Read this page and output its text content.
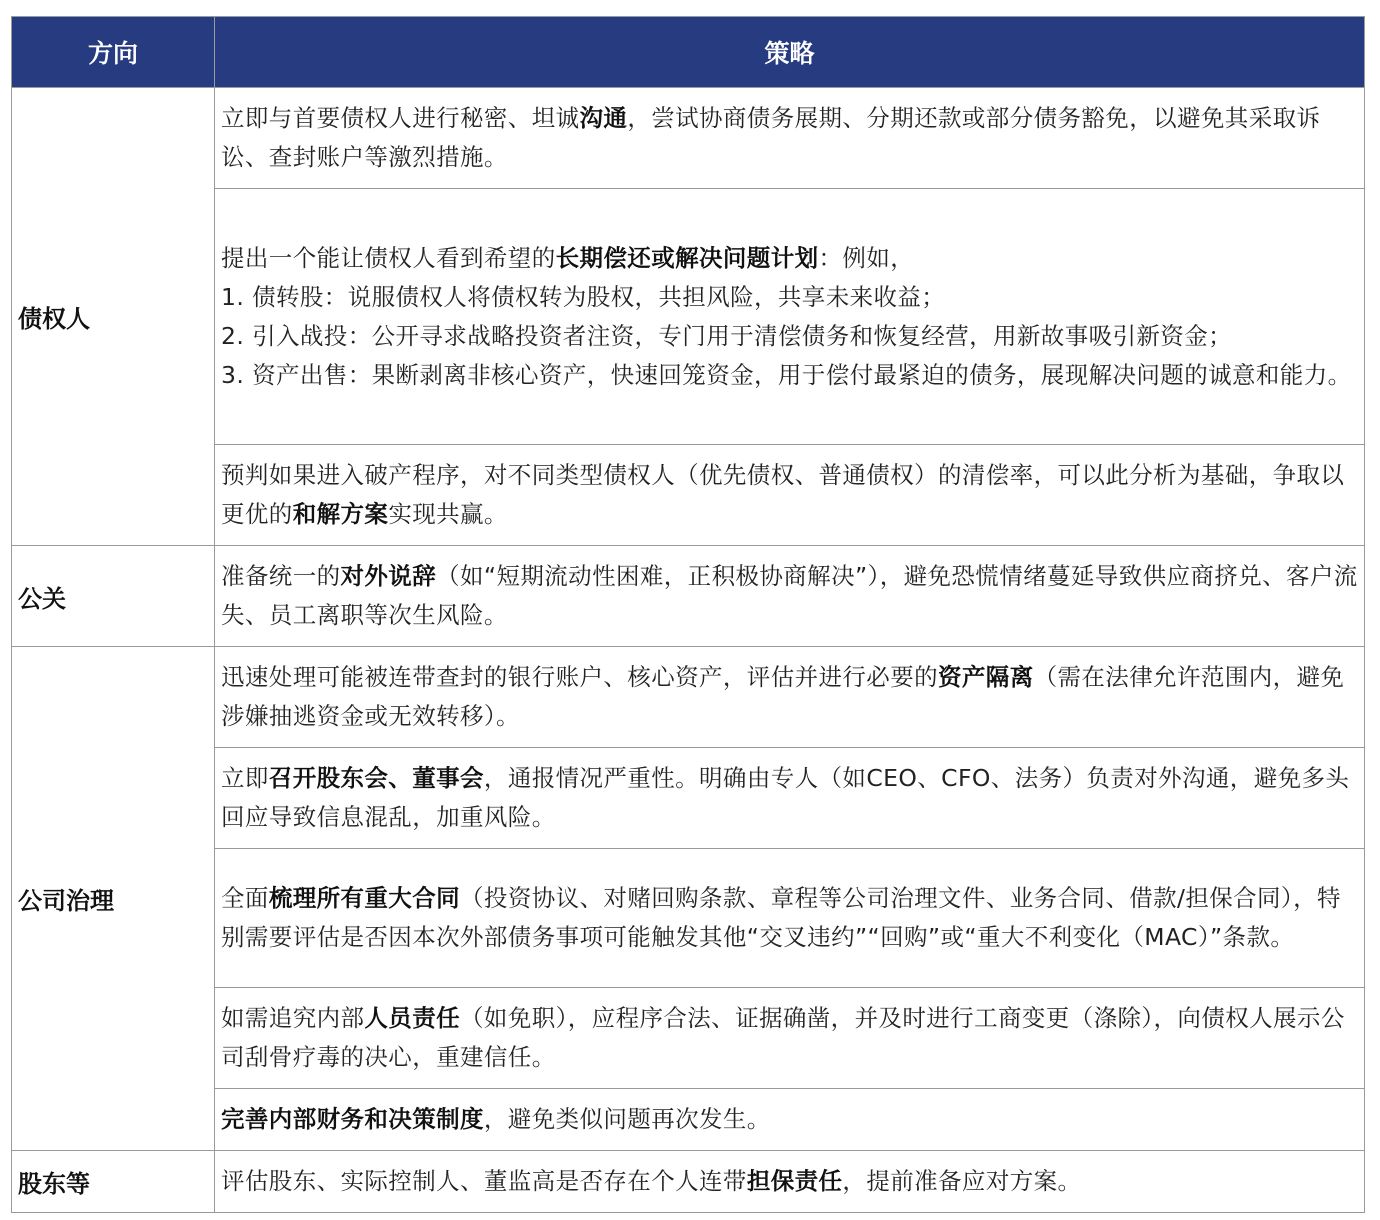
方向	策略
债权人	立即与首要债权人进行秘密、坦诚沟通，尝试协商债务展期、分期还款或部分债务豁免，以避免其采取诉讼、查封账户等激烈措施。

	提出一个能让债权人看到希望的长期偿还或解决问题计划：例如，
1. 债转股：说服债权人将债权转为股权，共担风险，共享未来收益；
2. 引入战投：公开寻求战略投资者注资，专门用于清偿债务和恢复经营，用新故事吸引新资金；
3. 资产出售：果断剥离非核心资产，快速回笼资金，用于偿付最紧迫的债务，展现解决问题的诚意和能力。

	预判如果进入破产程序，对不同类型债权人（优先债权、普通债权）的清偿率，可以此分析为基础，争取以更优的和解方案实现共赢。
公关	准备统一的对外说辞（如“短期流动性困难，正积极协商解决”），避免恐慌情绪蔓延导致供应商挤兑、客户流失、员工离职等次生风险。
公司治理	迅速处理可能被连带查封的银行账户、核心资产，评估并进行必要的资产隔离（需在法律允许范围内，避免涉嫌抽逃资金或无效转移）。
	立即召开股东会、董事会，通报情况严重性。明确由专人（如CEO、CFO、法务）负责对外沟通，避免多头回应导致信息混乱，加重风险。
	全面梳理所有重大合同（投资协议、对赌回购条款、章程等公司治理文件、业务合同、借款/担保合同），特别需要评估是否因本次外部债务事项可能触发其他“交叉违约”“回购”或“重大不利变化（MAC）”条款。
	如需追究内部人员责任（如免职），应程序合法、证据确凿，并及时进行工商变更（涤除），向债权人展示公司刮骨疗毒的决心，重建信任。
	完善内部财务和决策制度，避免类似问题再次发生。
股东等	评估股东、实际控制人、董监高是否存在个人连带担保责任，提前准备应对方案。
